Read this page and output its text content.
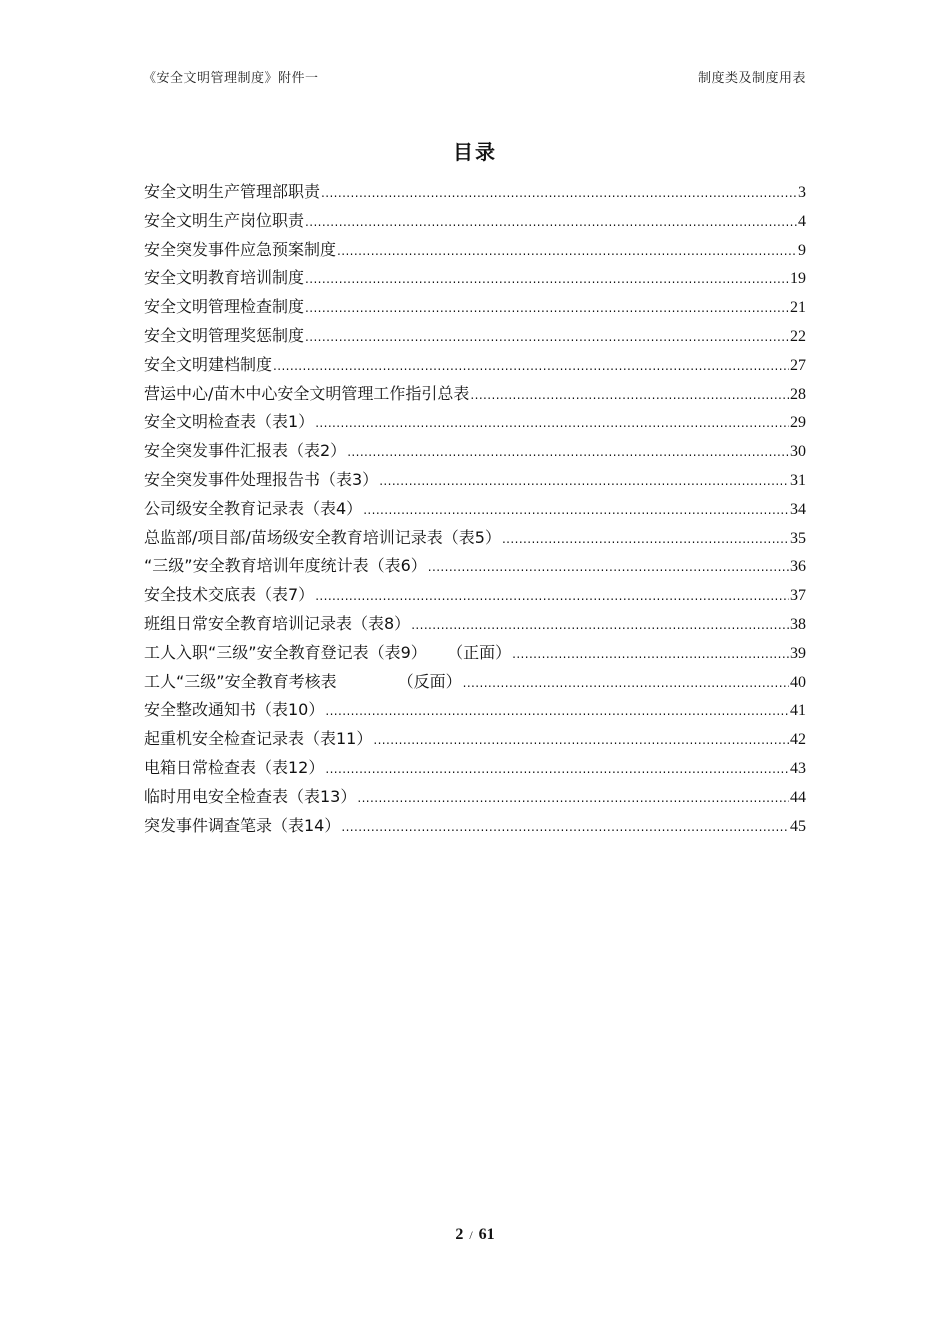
《安全文明管理制度》附件一	制度类及制度用表
目录
安全文明生产管理部职责 .....	3
安全文明生产岗位职责 .....	4
安全突发事件应急预案制度 .....	9
安全文明教育培训制度 .....	19
安全文明管理检查制度 .....	21
安全文明管理奖惩制度 .....	22
安全文明建档制度 .....	27
营运中心/苗木中心安全文明管理工作指引总表 .....	28
安全文明检查表（表1） .....	29
安全突发事件汇报表（表2） .....	30
安全突发事件处理报告书（表3） .....	31
公司级安全教育记录表（表4） .....	34
总监部/项目部/苗场级安全教育培训记录表（表5） .....	35
“三级”安全教育培训年度统计表（表6） .....	36
安全技术交底表（表7） .....	37
班组日常安全教育培训记录表（表8） .....	38
工人入职“三级”安全教育登记表（表9）    （正面） .....	39
工人“三级”安全教育考核表            （反面） .....	40
安全整改通知书（表10） .....	41
起重机安全检查记录表（表11） .....	42
电箱日常检查表（表12） .....	43
临时用电安全检查表（表13） .....	44
突发事件调查笔录（表14） .....	45
2 / 61
